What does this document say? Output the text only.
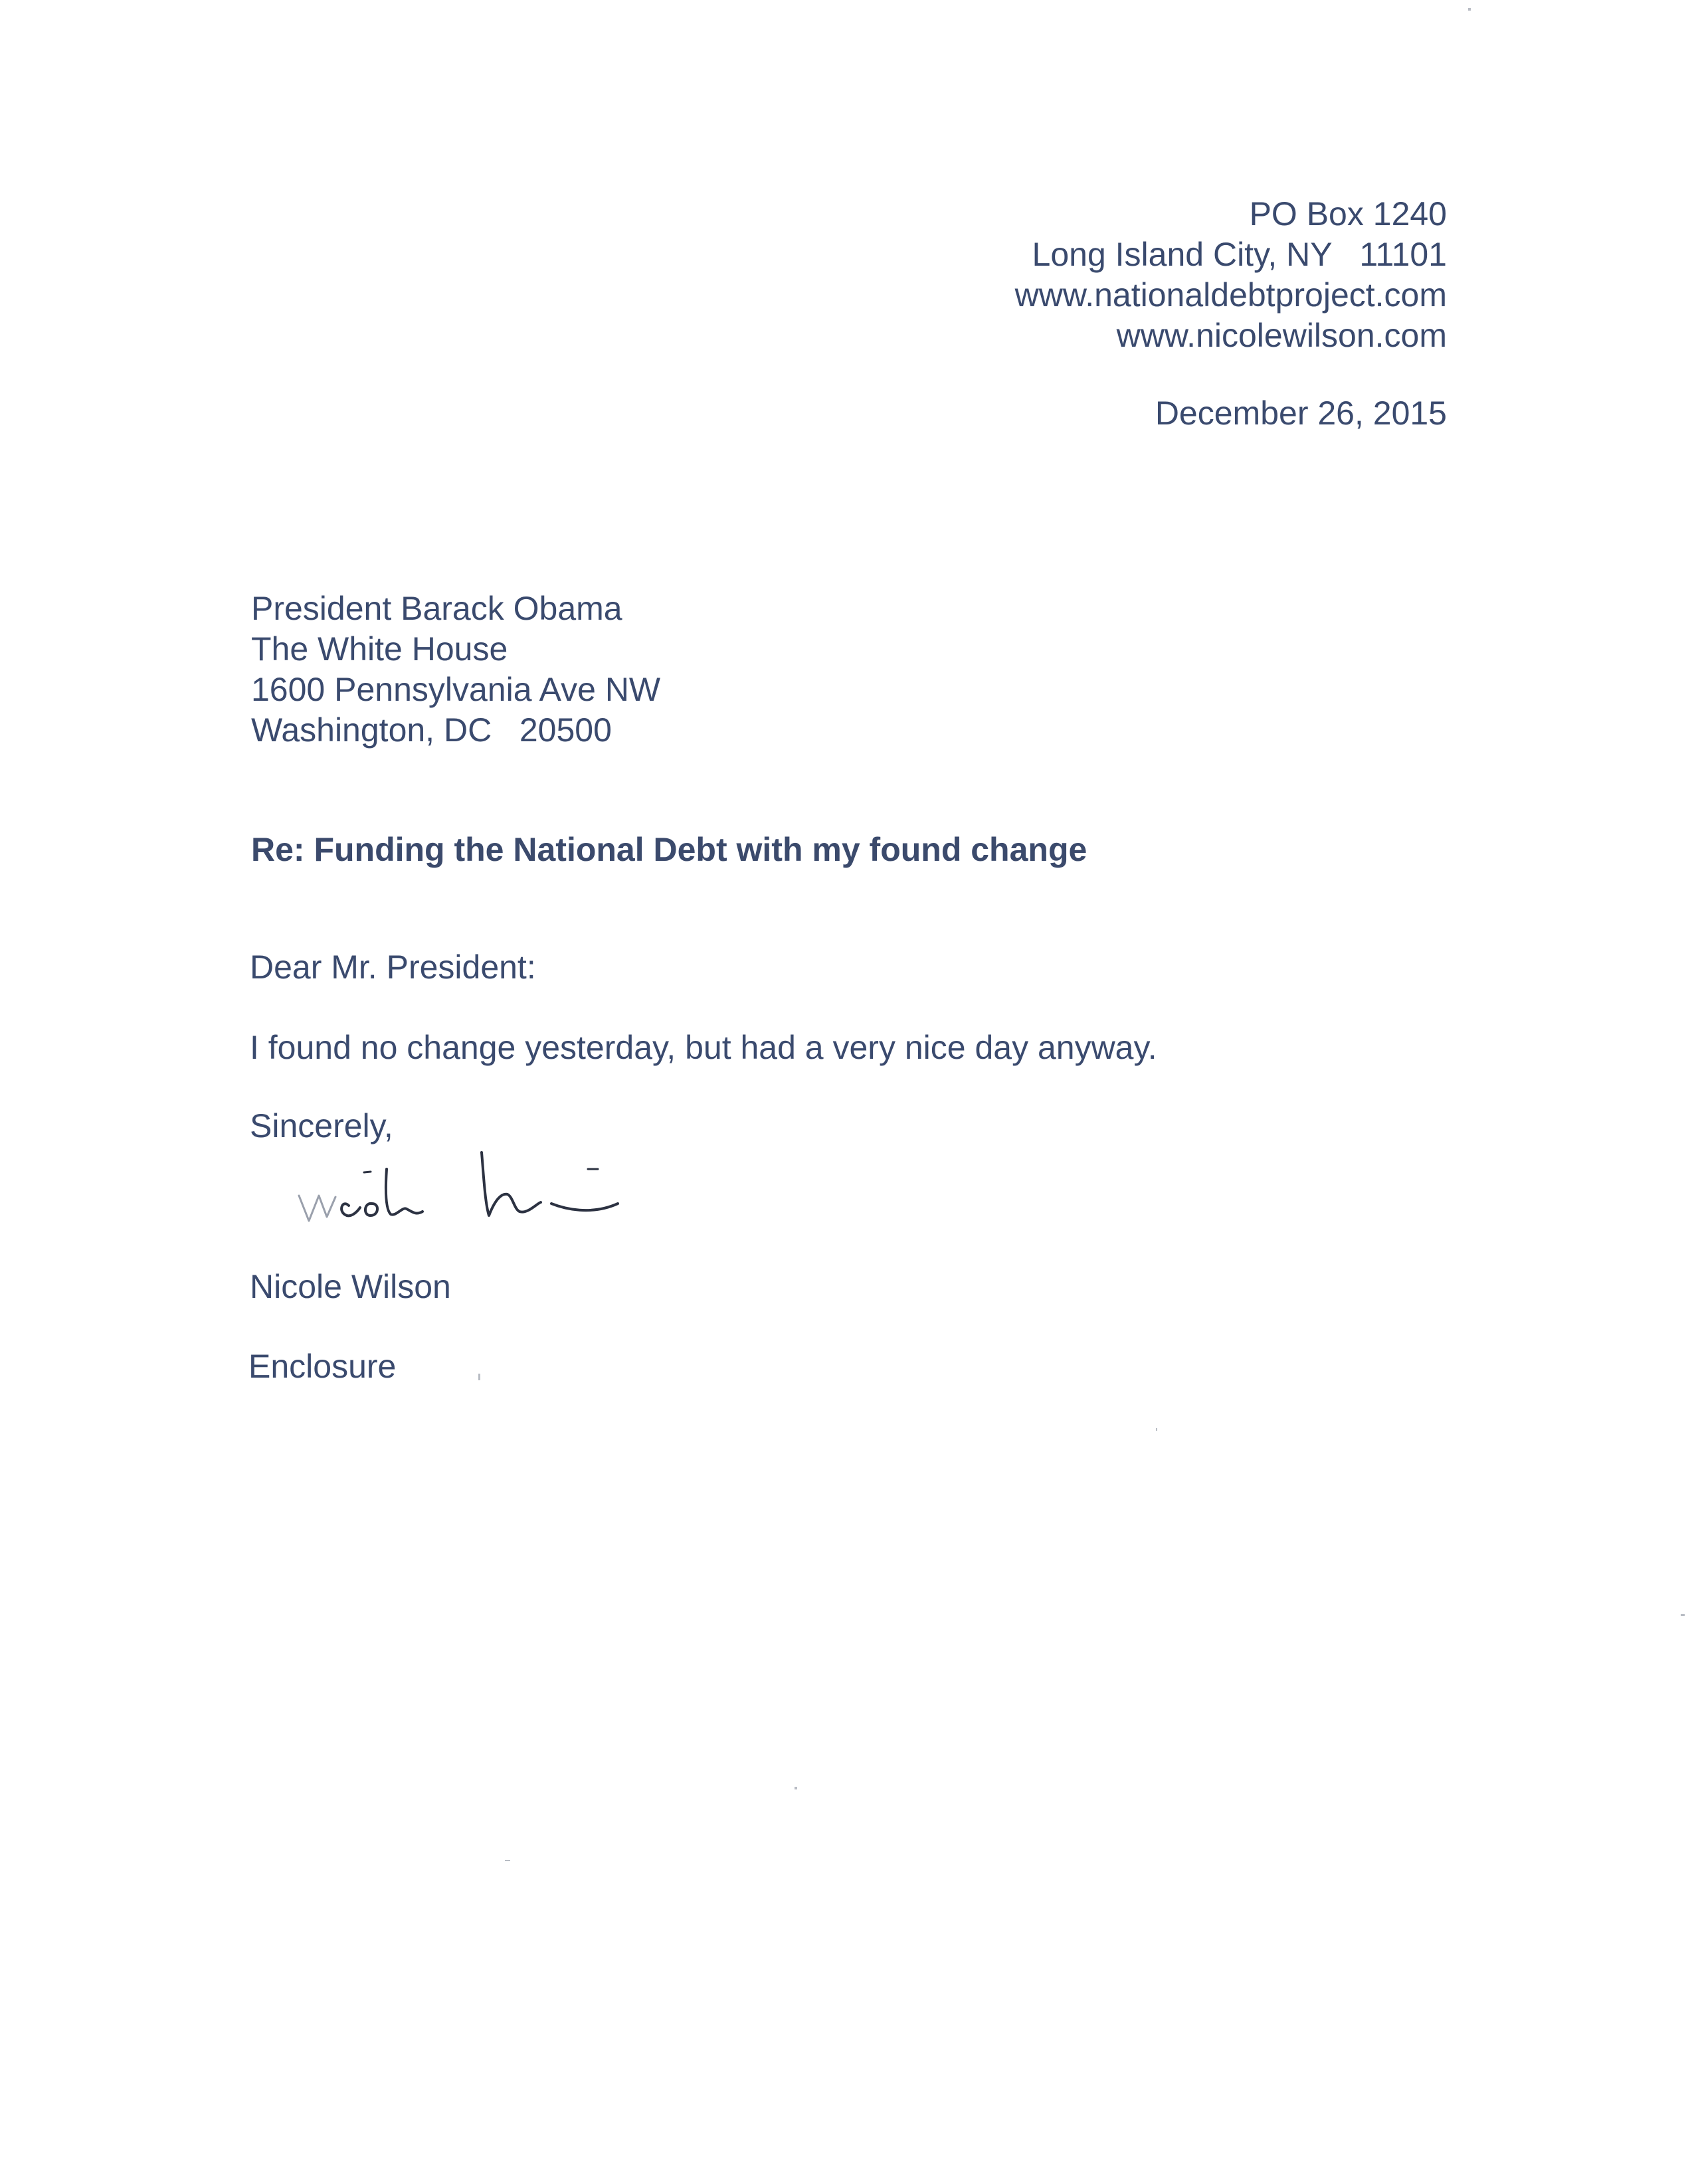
PO Box 1240
Long Island City, NY   11101
www.nationaldebtproject.com
www.nicolewilson.com
December 26, 2015
President Barack Obama
The White House
1600 Pennsylvania Ave NW
Washington, DC   20500
Re: Funding the National Debt with my found change
Dear Mr. President:
I found no change yesterday, but had a very nice day anyway.
Sincerely,
Nicole Wilson
Enclosure
